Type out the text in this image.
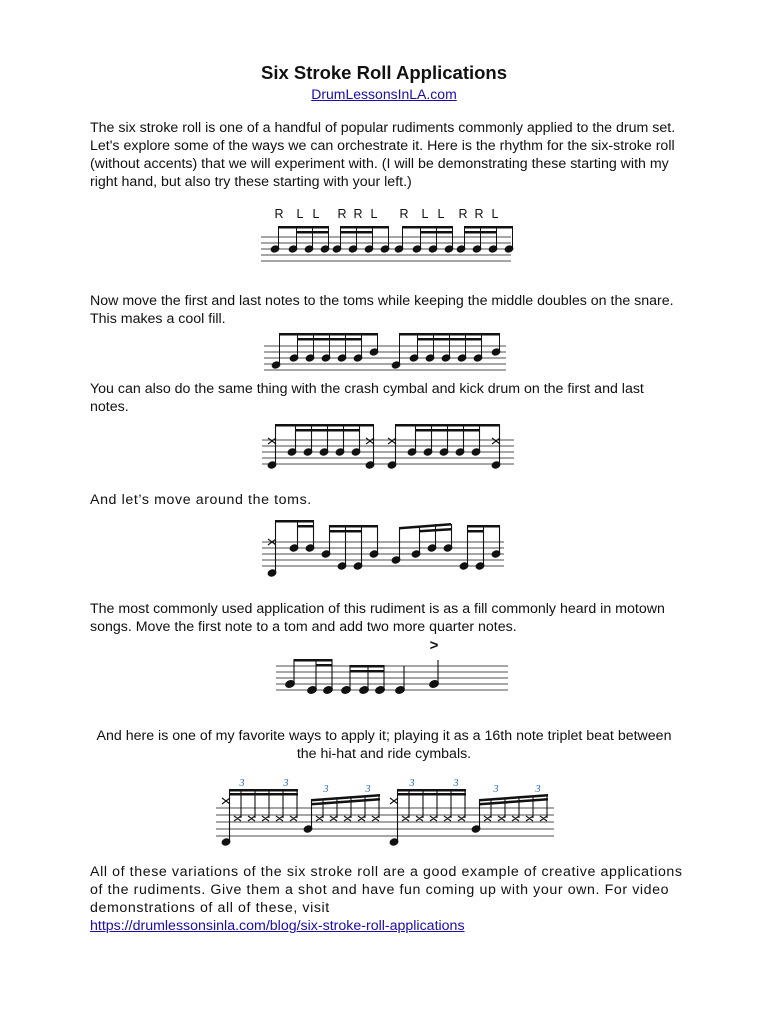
Six Stroke Roll Applications
DrumLessonsInLA.com
The six stroke roll is one of a handful of popular rudiments commonly applied to the drum set. Let's explore some of the ways we can orchestrate it. Here is the rhythm for the six-stroke roll (without accents) that we will experiment with. (I will be demonstrating these starting with my right hand, but also try these starting with your left.)
R L L R R L R L L R R L
Now move the first and last notes to the toms while keeping the middle doubles on the snare. This makes a cool fill.
You can also do the same thing with the crash cymbal and kick drum on the first and last notes.
And let’s move around the toms.
The most commonly used application of this rudiment is as a fill commonly heard in motown songs. Move the first note to a tom and add two more quarter notes.
>
And here is one of my favorite ways to apply it; playing it as a 16th note triplet beat between the hi-hat and ride cymbals.
3	3
3	3
3	3
3	3
All of these variations of the six stroke roll are a good example of creative applications of the rudiments. Give them a shot and have fun coming up with your own. For video demonstrations of all of these, visit
https://drumlessonsinla.com/blog/six-stroke-roll-applications
